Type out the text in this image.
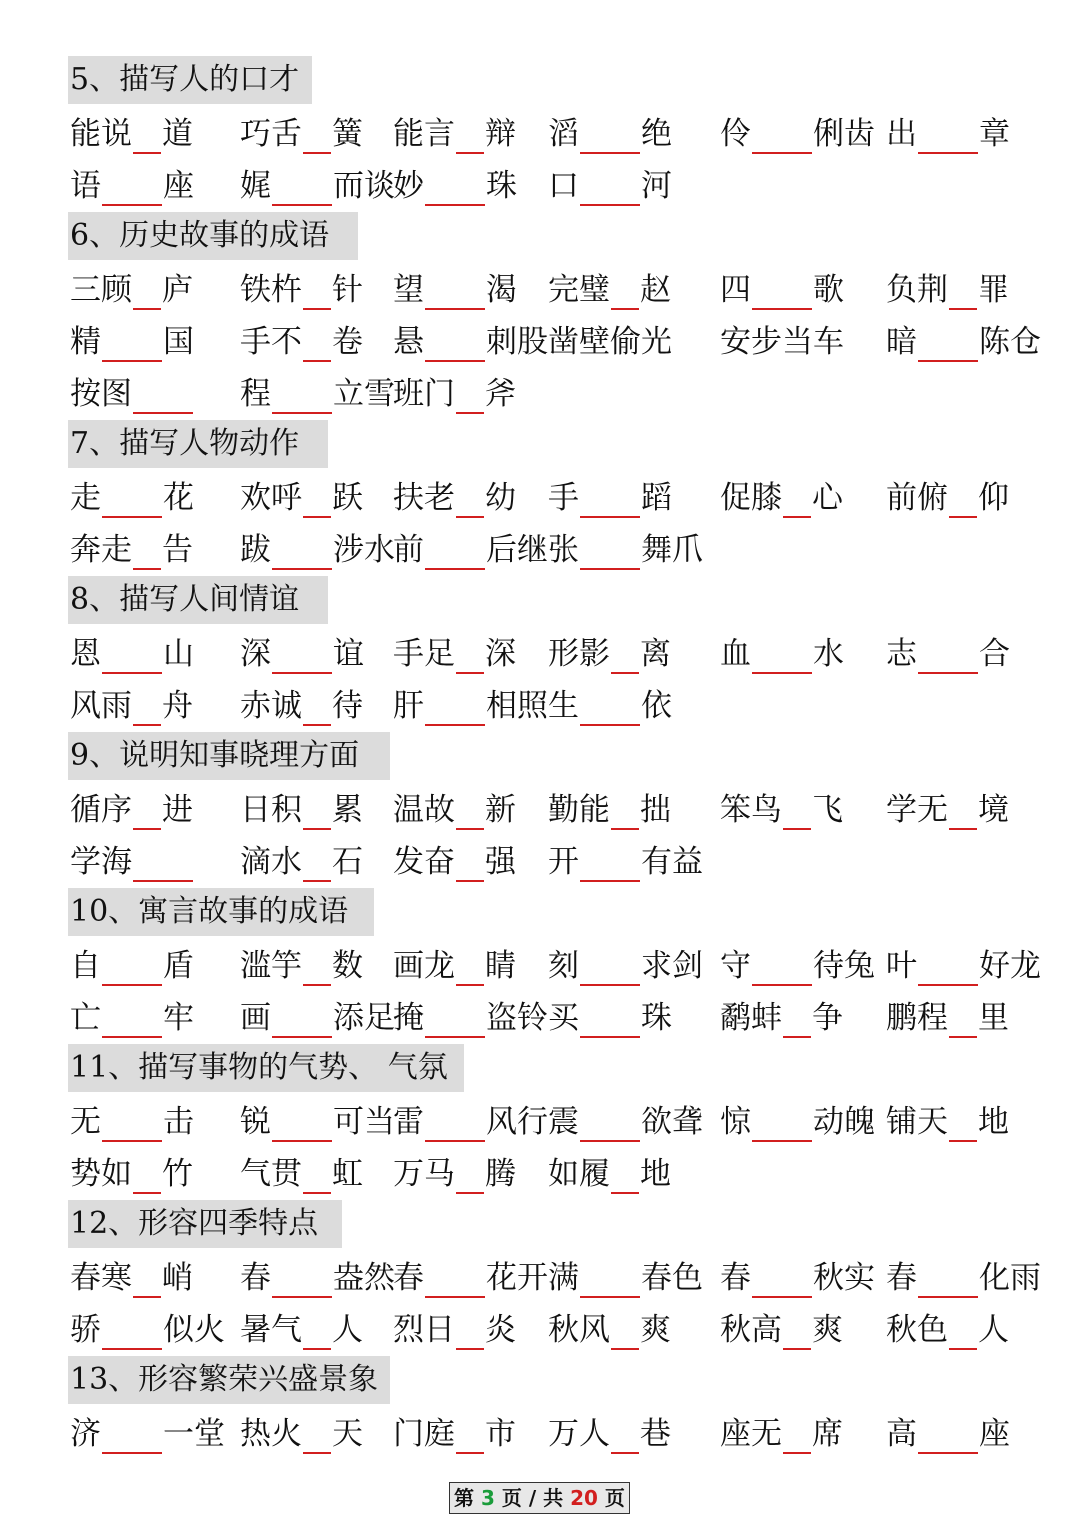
5、描写人的口才
能说 道 巧舌 簧 能言 辩 滔 绝 伶 俐齿 出 章
语 座 娓 而谈
妙 珠 口 河
6、历史故事的成语
三顾 庐 铁杵 针 望 渴 完璧 赵 四 歌 负荆 罪
精 国 手不 卷 悬 刺股 凿壁偷光 安步当车 暗 陈仓
按图	程 立雪
班门 斧
7、描写人物动作
走 花 欢呼 跃 扶老 幼 手 蹈 促膝 心 前俯 仰
奔走 告 跋 涉水
前 后继 张 舞爪
8、描写人间情谊
恩 山 深 谊 手足 深 形影 离 血 水 志 合
风雨 舟 赤诚 待 肝 相照 生 依
9、说明知事晓理方面
循序 进 日积 累 温故 新 勤能 拙 笨鸟 飞 学无 境
学海	滴水 石 发奋 强 开 有益
10、寓言故事的成语
自 盾 滥竽 数 画龙 睛 刻 求剑 守 待兔 叶 好龙
亡 牢 画 添足
掩 盗铃 买 珠 鹬蚌 争 鹏程 里
11、描写事物的气势、 气氛
无 击 锐 可当
雷 风行 震 欲聋 惊 动魄 铺天 地
势如 竹 气贯 虹 万马 腾 如履 地
12、形容四季特点
春寒 峭 春 盎然
春 花开 满 春色 春 秋实 春 化雨
骄 似火 暑气 人 烈日 炎 秋风 爽 秋高 爽 秋色 人
13、形容繁荣兴盛景象
济 一堂 热火 天 门庭 市 万人 巷 座无 席 高 座
第 3 页 / 共 20 页
